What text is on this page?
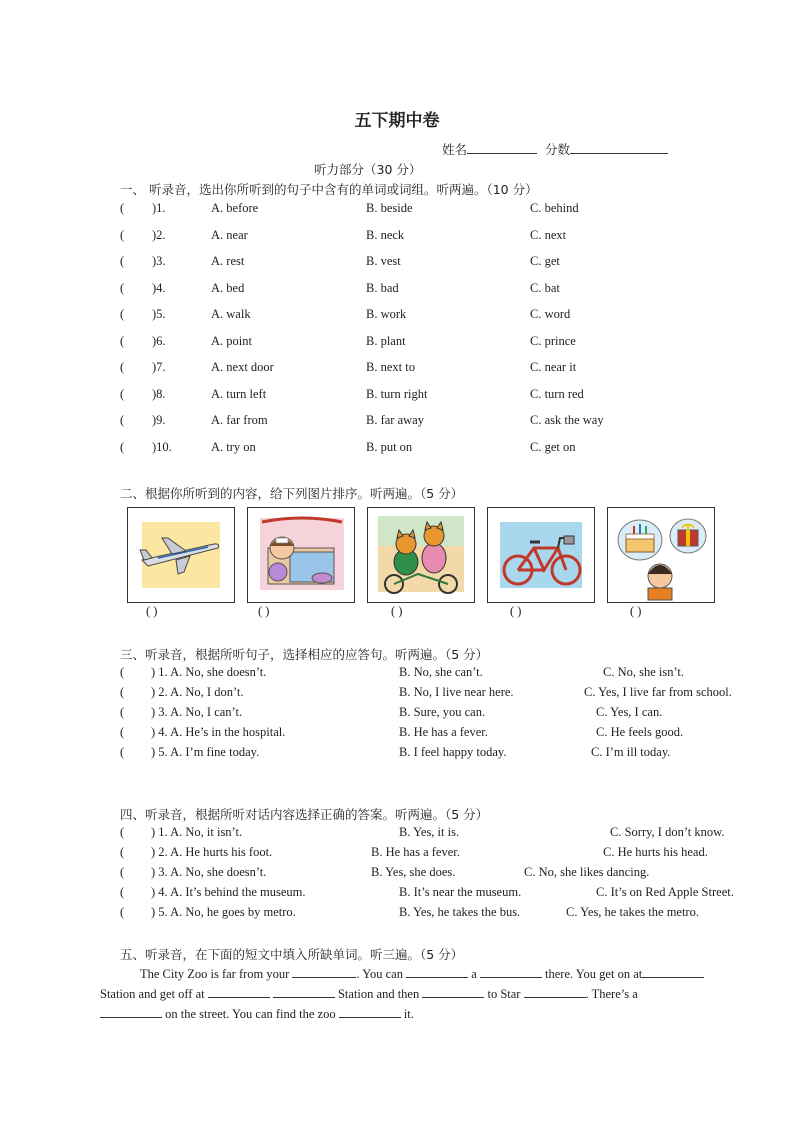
五下期中卷
姓名	分数
听力部分（30 分）
一、 听录音，选出你所听到的句子中含有的单词或词组。听两遍。（10 分）
( )1.	A. before	B. beside	C. behind
( )2.	A. near	B. neck	C. next
( )3.	A. rest	B. vest	C. get
( )4.	A. bed	B. bad	C. bat
( )5.	A. walk	B. work	C. word
( )6.	A. point	B. plant	C. prince
( )7.	A. next door	B. next to	C. near it
( )8.	A. turn left	B. turn right	C. turn red
( )9.	A. far from	B. far away	C. ask the way
( )10.	A. try on	B. put on	C. get on
二、根据你所听到的内容，给下列图片排序。听两遍。（5 分）
( )	( )	( )	( )	( )
三、听录音，根据所听句子，选择相应的应答句。听两遍。（5 分）
( ) 1. A. No, she doesn’t.	B. No, she can’t.	C. No, she isn’t.
( ) 2. A. No, I don’t.	B. No, I live near here.	C. Yes, I live far from school.
( ) 3. A. No, I can’t.	B. Sure, you can.	C. Yes, I can.
( ) 4. A. He’s in the hospital.	B. He has a fever.	C. He feels good.
( ) 5. A. I’m fine today.	B. I feel happy today.	C. I’m ill today.
四、听录音，根据所听对话内容选择正确的答案。听两遍。（5 分）
( ) 1. A. No, it isn’t.	B. Yes, it is.	C. Sorry, I don’t know.
( ) 2. A. He hurts his foot.	B. He has a fever.	C. He hurts his head.
( ) 3. A. No, she doesn’t.	B. Yes, she does.	C. No, she likes dancing.
( ) 4. A. It’s behind the museum.	B. It’s near the museum.	C. It’s on Red Apple Street.
( ) 5. A. No, he goes by metro.	B. Yes, he takes the bus.	C. Yes, he takes the metro.
五、听录音，在下面的短文中填入所缺单词。听三遍。（5 分）
The City Zoo is far from your	. You can	a	there. You get on at
Station and get off at	Station and then	to Star	. There’s a
on the street. You can find the zoo	it.
